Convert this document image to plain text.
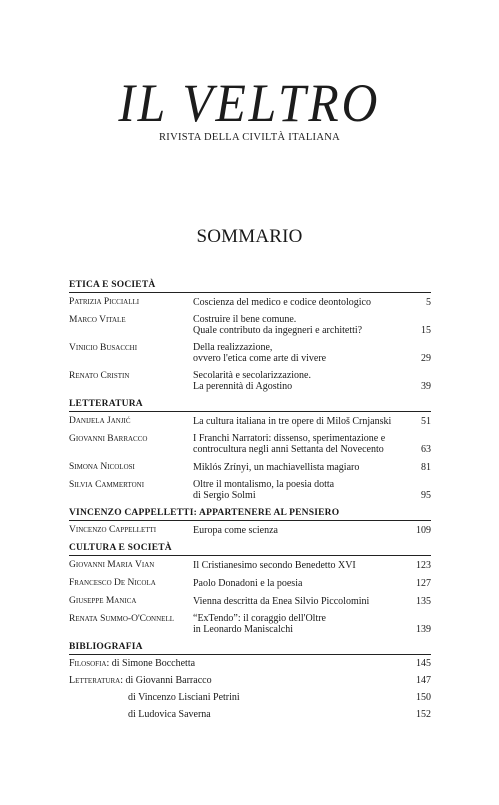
IL VELTRO
RIVISTA DELLA CIVILTÀ ITALIANA
SOMMARIO
ETICA E SOCIETÀ
Patrizia Piccialli	Coscienza del medico e codice deontologico	5
Marco Vitale	Costruire il bene comune.
Quale contributo da ingegneri e architetti?	15
Vinicio Busacchi	Della realizzazione,
ovvero l'etica come arte di vivere	29
Renato Cristin	Secolarità e secolarizzazione.
La perennità di Agostino	39
LETTERATURA
Danijela Janjić	La cultura italiana in tre opere di Miloš Crnjanski	51
Giovanni Barracco	I Franchi Narratori: dissenso, sperimentazione e
controcultura negli anni Settanta del Novecento	63
Simona Nicolosi	Miklós Zrínyi, un machiavellista magiaro	81
Silvia Cammertoni	Oltre il montalismo, la poesia dotta
di Sergio Solmi	95
VINCENZO CAPPELLETTI: APPARTENERE AL PENSIERO
Vincenzo Cappelletti	Europa come scienza	109
CULTURA E SOCIETÀ
Giovanni Maria Vian	Il Cristianesimo secondo Benedetto XVI	123
Francesco De Nicola	Paolo Donadoni e la poesia	127
Giuseppe Manica	Vienna descritta da Enea Silvio Piccolomini	135
Renata Summo-O'Connell	“ExTendo”: il coraggio dell'Oltre
in Leonardo Maniscalchi	139
BIBLIOGRAFIA
Filosofia: di Simone Bocchetta	145
Letteratura: di Giovanni Barracco	147
di Vincenzo Lisciani Petrini	150
di Ludovica Saverna	152
